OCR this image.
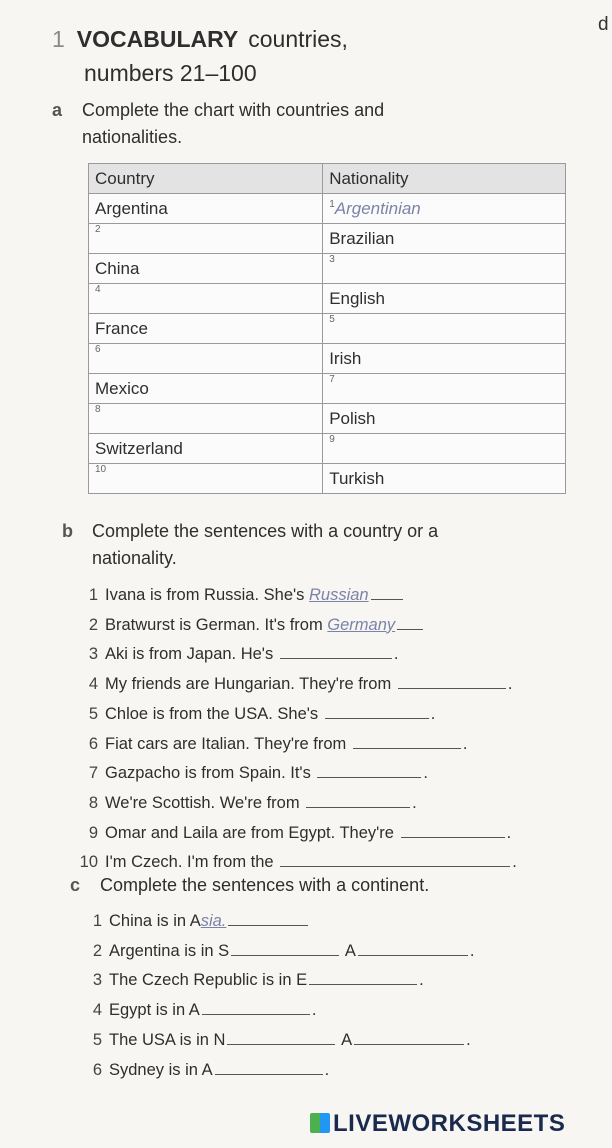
d
1 VOCABULARY countries,
numbers 21–100
a Complete the chart with countries and
nationalities.
Country	Nationality
Argentina	$^1$Argentinian
2	Brazilian
China	3
4	English
France	5
6	Irish
Mexico	7
8	Polish
Switzerland	9
10	Turkish
b Complete the sentences with a country or a
nationality.
1 Ivana is from Russia. She's Russian
2 Bratwurst is German. It's from Germany
3 Aki is from Japan. He's	.
4 My friends are Hungarian. They're from	.
5 Chloe is from the USA. She's	.
6 Fiat cars are Italian. They're from	.
7 Gazpacho is from Spain. It's	.
8 We're Scottish. We're from	.
9 Omar and Laila are from Egypt. They're	.
10 I'm Czech. I'm from the	.
c Complete the sentences with a continent.
1 China is in Asia.
2 Argentina is in S	A	.
3 The Czech Republic is in E	.
4 Egypt is in A	.
5 The USA is in N	A	.
6 Sydney is in A	.
LIVEWORKSHEETS
